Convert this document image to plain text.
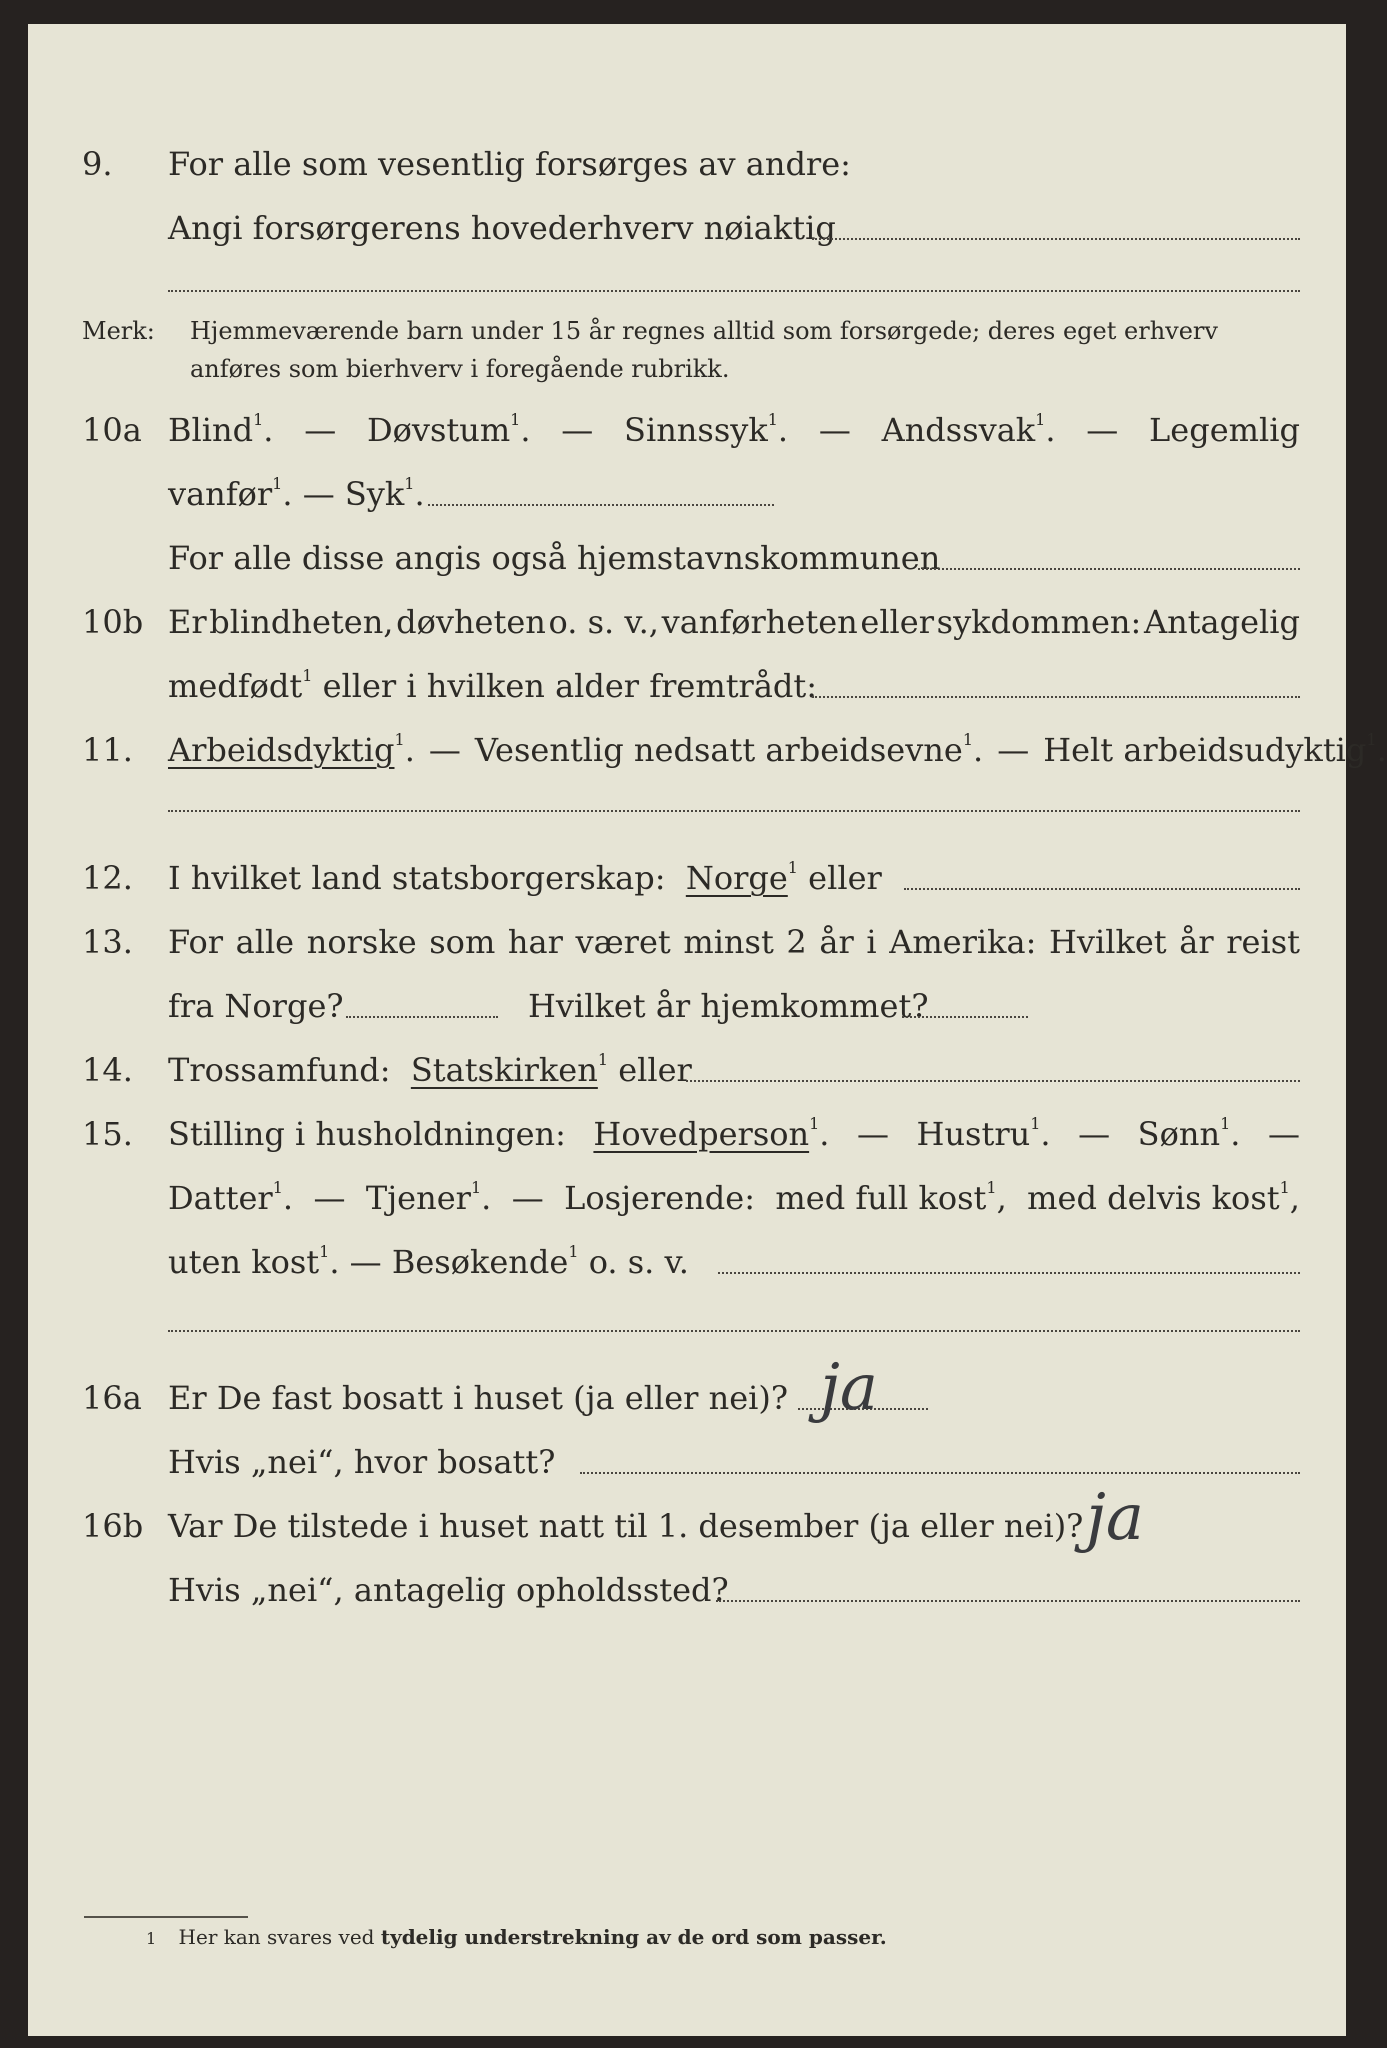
9. For alle som vesentlig forsørges av andre:
Angi forsørgerens hovederhverv nøiaktig
Merk: Hjemmeværende barn under 15 år regnes alltid som forsørgede; deres eget erhverv
anføres som bierhverv i foregående rubrikk.
10a Blind$^1$. — Døvstum$^1$. — Sinnssyk$^1$. — Andssvak$^1$. — Legemlig
vanfør$^1$. — Syk$^1$.
For alle disse angis også hjemstavnskommunen
10b Er blindheten, døvheten o. s. v., vanførheten eller sykdommen: Antagelig
medfødt$^1$ eller i hvilken alder fremtrådt:
11. Arbeidsdyktig$^1$. — Vesentlig nedsatt arbeidsevne$^1$. — Helt arbeidsudyktig$^1$.
12. I hvilket land statsborgerskap: Norge$^1$ eller
13. For alle norske som har været minst 2 år i Amerika: Hvilket år reist
fra Norge?	Hvilket år hjemkommet?
14. Trossamfund: Statskirken$^1$ eller
15. Stilling i husholdningen: Hovedperson$^1$. — Hustru$^1$. — Sønn$^1$. —
Datter$^1$. — Tjener$^1$. — Losjerende: med full kost$^1$, med delvis kost$^1$,
uten kost$^1$. — Besøkende$^1$ o. s. v.
16a Er De fast bosatt i huset (ja eller nei)? ja
Hvis „nei“, hvor bosatt?
16b Var De tilstede i huset natt til 1. desember (ja eller nei)? ja
Hvis „nei“, antagelig opholdssted?
1 Her kan svares ved tydelig understrekning av de ord som passer.
